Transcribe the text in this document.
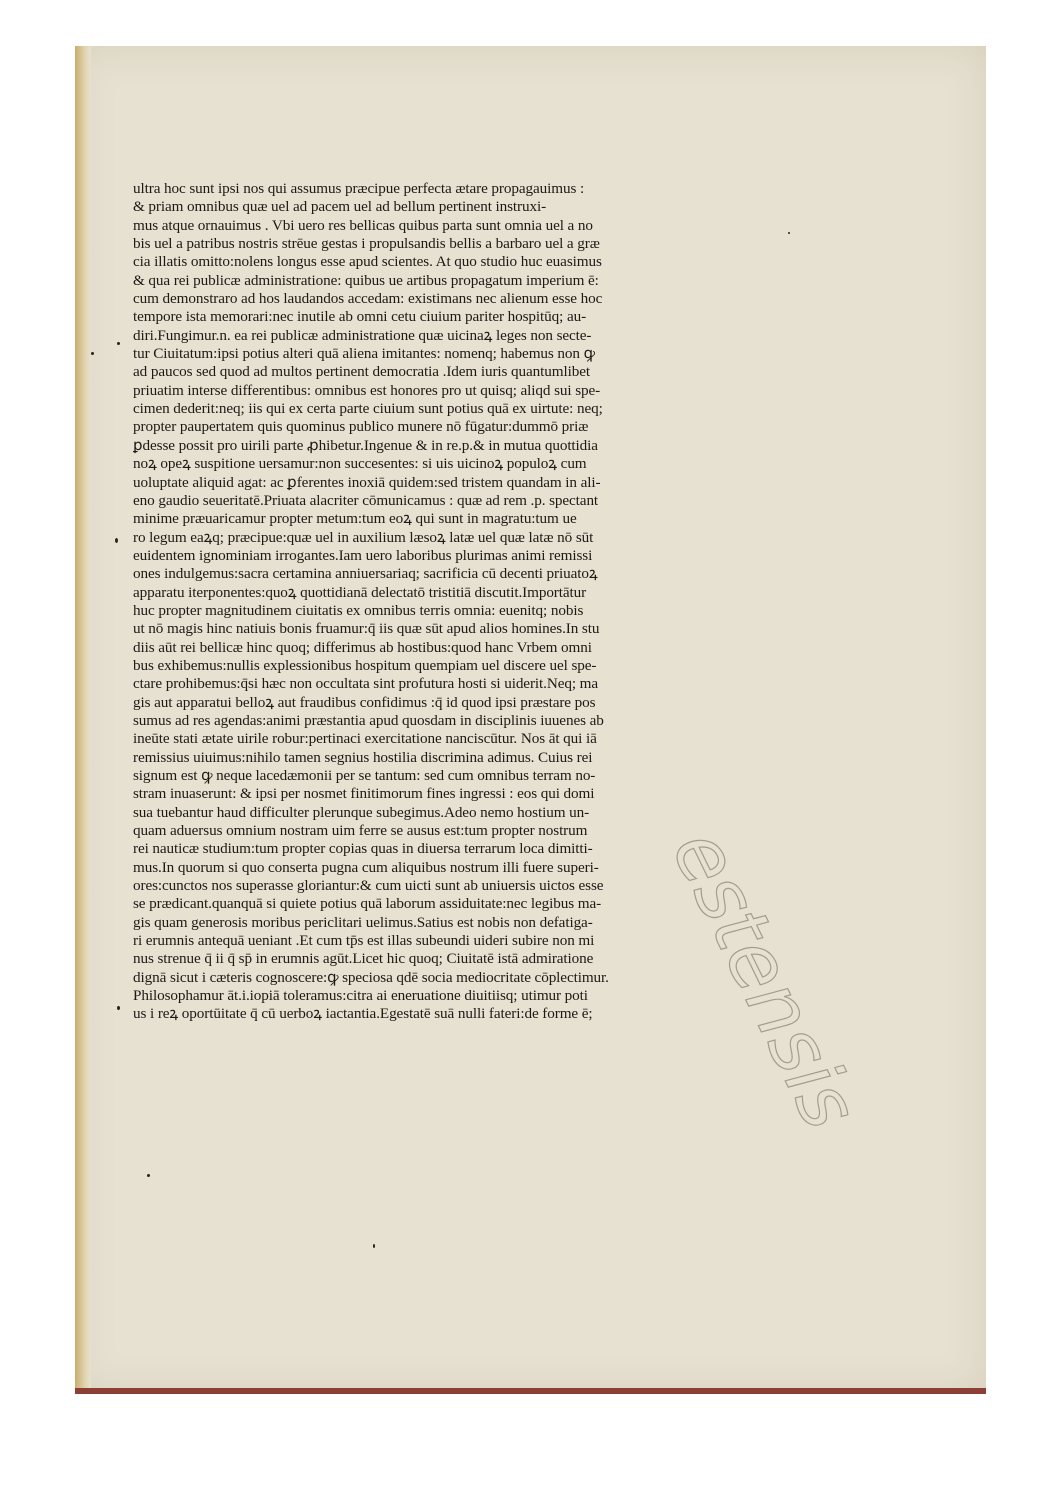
ultra hoc sunt ipsi nos qui assumus præcipue perfecta ætare propagauimus :
& priam omnibus quæ uel ad pacem uel ad bellum pertinent instruxi-
mus atque ornauimus . Vbi uero res bellicas quibus parta sunt omnia uel a no
bis uel a patribus nostris strēue gestas i propulsandis bellis a barbaro uel a græ
cia illatis omitto:nolens longus esse apud scientes. At quo studio huc euasimus
& qua rei publicæ administratione: quibus ue artibus propagatum imperium ē:
cum demonstraro ad hos laudandos accedam: existimans nec alienum esse hoc
tempore ista memorari:nec inutile ab omni cetu ciuium pariter hospitūq; au-
diri.Fungimur.n. ea rei publicæ administratione quæ uicinaꝝ leges non secte-
tur Ciuitatum:ipsi potius alteri quā aliena imitantes: nomenq; habemus non ꝙ
ad paucos sed quod ad multos pertinent democratia .Idem iuris quantumlibet
priuatim interse differentibus: omnibus est honores pro ut quisq; aliqd sui spe-
cimen dederit:neq; iis qui ex certa parte ciuium sunt potius quā ex uirtute: neq;
propter paupertatem quis quominus publico munere nō fūgatur:dummō priæ
ꝑdesse possit pro uirili parte ꝓhibetur.Ingenue & in re.p.& in mutua quottidia
noꝝ opeꝝ suspitione uersamur:non succesentes: si uis uicinoꝝ populoꝝ cum
uoluptate aliquid agat: ac ꝑferentes inoxiā quidem:sed tristem quandam in ali-
eno gaudio seueritatē.Priuata alacriter cōmunicamus : quæ ad rem .p. spectant
minime præuaricamur propter metum:tum eoꝝ qui sunt in magratu:tum ue
ro legum eaꝝq; præcipue:quæ uel in auxilium læsoꝝ latæ uel quæ latæ nō sūt
euidentem ignominiam irrogantes.Iam uero laboribus plurimas animi remissi
ones indulgemus:sacra certamina anniuersariaq; sacrificia cū decenti priuatoꝝ
apparatu iterponentes:quoꝝ quottidianā delectatō tristitiā discutit.Importātur
huc propter magnitudinem ciuitatis ex omnibus terris omnia: euenitq; nobis
ut nō magis hinc natiuis bonis fruamur:q̄ iis quæ sūt apud alios homines.In stu
diis aūt rei bellicæ hinc quoq; differimus ab hostibus:quod hanc Vrbem omni
bus exhibemus:nullis explessionibus hospitum quempiam uel discere uel spe-
ctare prohibemus:q̄si hæc non occultata sint profutura hosti si uiderit.Neq; ma
gis aut apparatui belloꝝ aut fraudibus confidimus :q̄ id quod ipsi præstare pos
sumus ad res agendas:animi præstantia apud quosdam in disciplinis iuuenes ab
ineūte stati ætate uirile robur:pertinaci exercitatione nanciscūtur. Nos āt qui iā
remissius uiuimus:nihilo tamen segnius hostilia discrimina adimus. Cuius rei
signum est ꝙ neque lacedæmonii per se tantum: sed cum omnibus terram no-
stram inuaserunt: & ipsi per nosmet finitimorum fines ingressi : eos qui domi
sua tuebantur haud difficulter plerunque subegimus.Adeo nemo hostium un-
quam aduersus omnium nostram uim ferre se ausus est:tum propter nostrum
rei nauticæ studium:tum propter copias quas in diuersa terrarum loca dimitti-
mus.In quorum si quo conserta pugna cum aliquibus nostrum illi fuere superi-
ores:cunctos nos superasse gloriantur:& cum uicti sunt ab uniuersis uictos esse
se prædicant.quanquā si quiete potius quā laborum assiduitate:nec legibus ma-
gis quam generosis moribus periclitari uelimus.Satius est nobis non defatiga-
ri erumnis antequā ueniant .Et cum tp̄s est illas subeundi uideri subire non mi
nus strenue q̄ ii q̄ sp̄ in erumnis agūt.Licet hic quoq; Ciuitatē istā admiratione
dignā sicut i cæteris cognoscere:ꝙ speciosa qdē socia mediocritate cōplectimur.
Philosophamur āt.i.iopiā toleramus:citra ai eneruatione diuitiisq; utimur poti
us i reꝝ oportūitate q̄ cū uerboꝝ iactantia.Egestatē suā nulli fateri:de forme ē; estensis
